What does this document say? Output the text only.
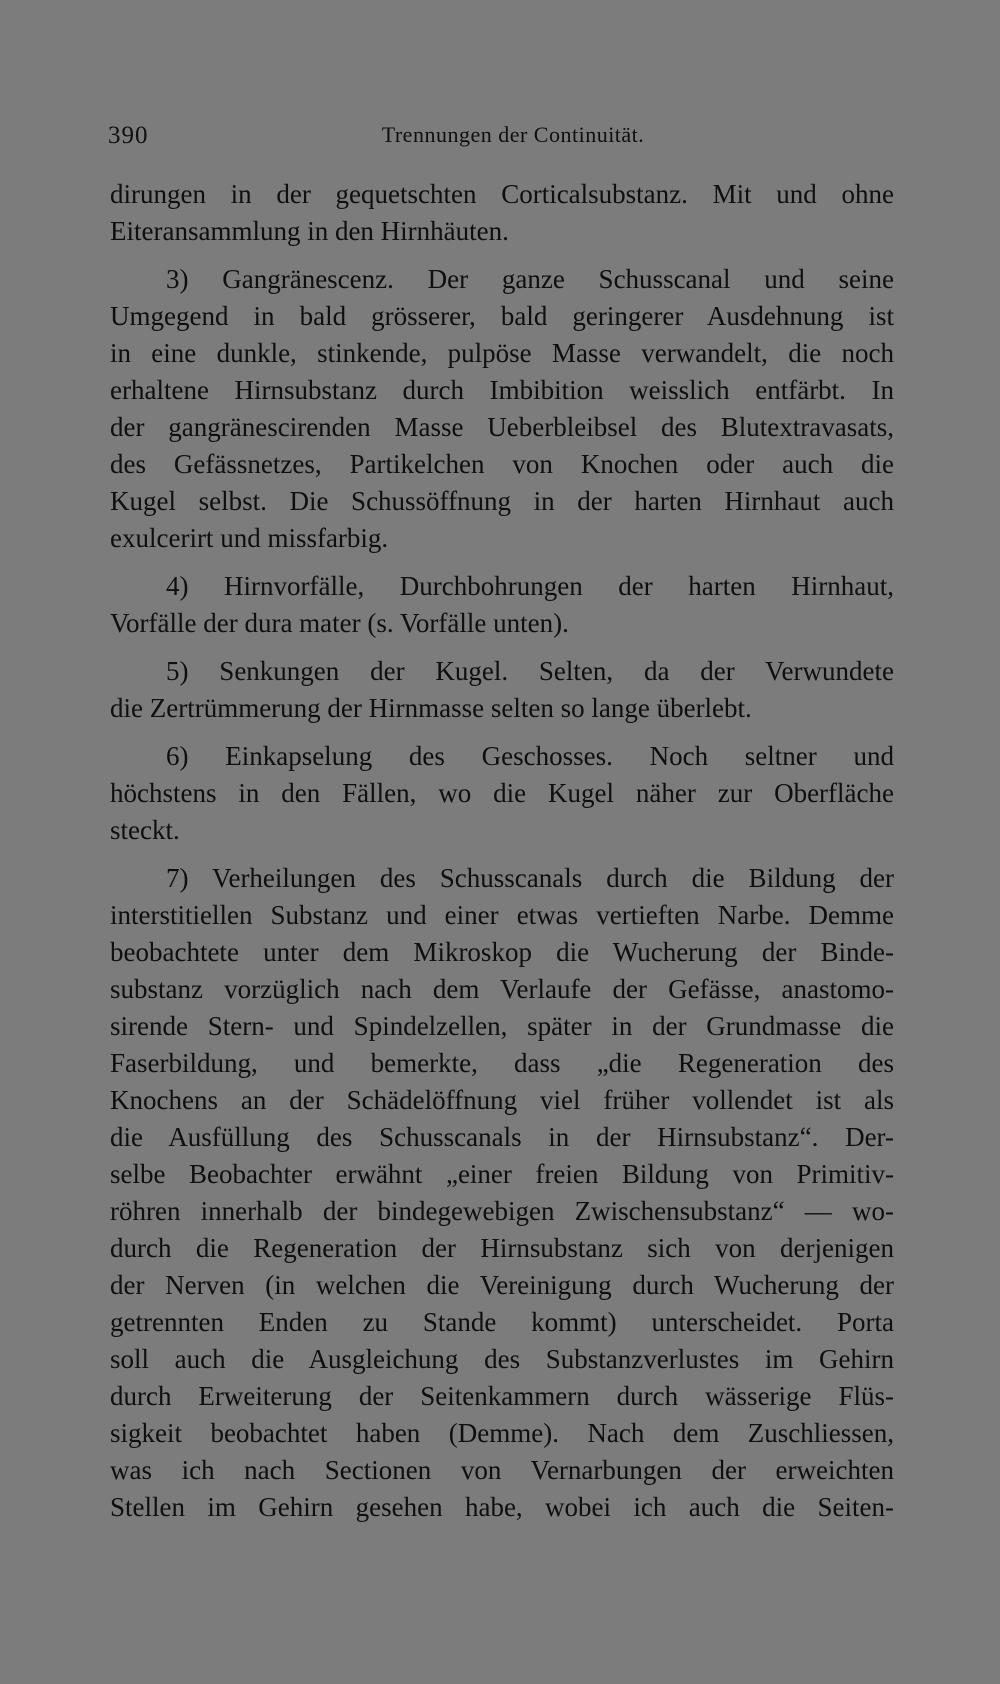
390	Trennungen der Continuität.
dirungen in der gequetschten Corticalsubstanz. Mit und ohne
Eiteransammlung in den Hirnhäuten.
3) Gangränescenz. Der ganze Schusscanal und seine
Umgegend in bald grösserer, bald geringerer Ausdehnung ist
in eine dunkle, stinkende, pulpöse Masse verwandelt, die noch
erhaltene Hirnsubstanz durch Imbibition weisslich entfärbt. In
der gangränescirenden Masse Ueberbleibsel des Blutextravasats,
des Gefässnetzes, Partikelchen von Knochen oder auch die
Kugel selbst. Die Schussöffnung in der harten Hirnhaut auch
exulcerirt und missfarbig.
4) Hirnvorfälle, Durchbohrungen der harten Hirnhaut,
Vorfälle der dura mater (s. Vorfälle unten).
5) Senkungen der Kugel. Selten, da der Verwundete
die Zertrümmerung der Hirnmasse selten so lange überlebt.
6) Einkapselung des Geschosses. Noch seltner und
höchstens in den Fällen, wo die Kugel näher zur Oberfläche
steckt.
7) Verheilungen des Schusscanals durch die Bildung der
interstitiellen Substanz und einer etwas vertieften Narbe. Demme
beobachtete unter dem Mikroskop die Wucherung der Binde-
substanz vorzüglich nach dem Verlaufe der Gefässe, anastomo-
sirende Stern- und Spindelzellen, später in der Grundmasse die
Faserbildung, und bemerkte, dass „die Regeneration des
Knochens an der Schädelöffnung viel früher vollendet ist als
die Ausfüllung des Schusscanals in der Hirnsubstanz“. Der-
selbe Beobachter erwähnt „einer freien Bildung von Primitiv-
röhren innerhalb der bindegewebigen Zwischensubstanz“ — wo-
durch die Regeneration der Hirnsubstanz sich von derjenigen
der Nerven (in welchen die Vereinigung durch Wucherung der
getrennten Enden zu Stande kommt) unterscheidet. Porta
soll auch die Ausgleichung des Substanzverlustes im Gehirn
durch Erweiterung der Seitenkammern durch wässerige Flüs-
sigkeit beobachtet haben (Demme). Nach dem Zuschliessen,
was ich nach Sectionen von Vernarbungen der erweichten
Stellen im Gehirn gesehen habe, wobei ich auch die Seiten-
